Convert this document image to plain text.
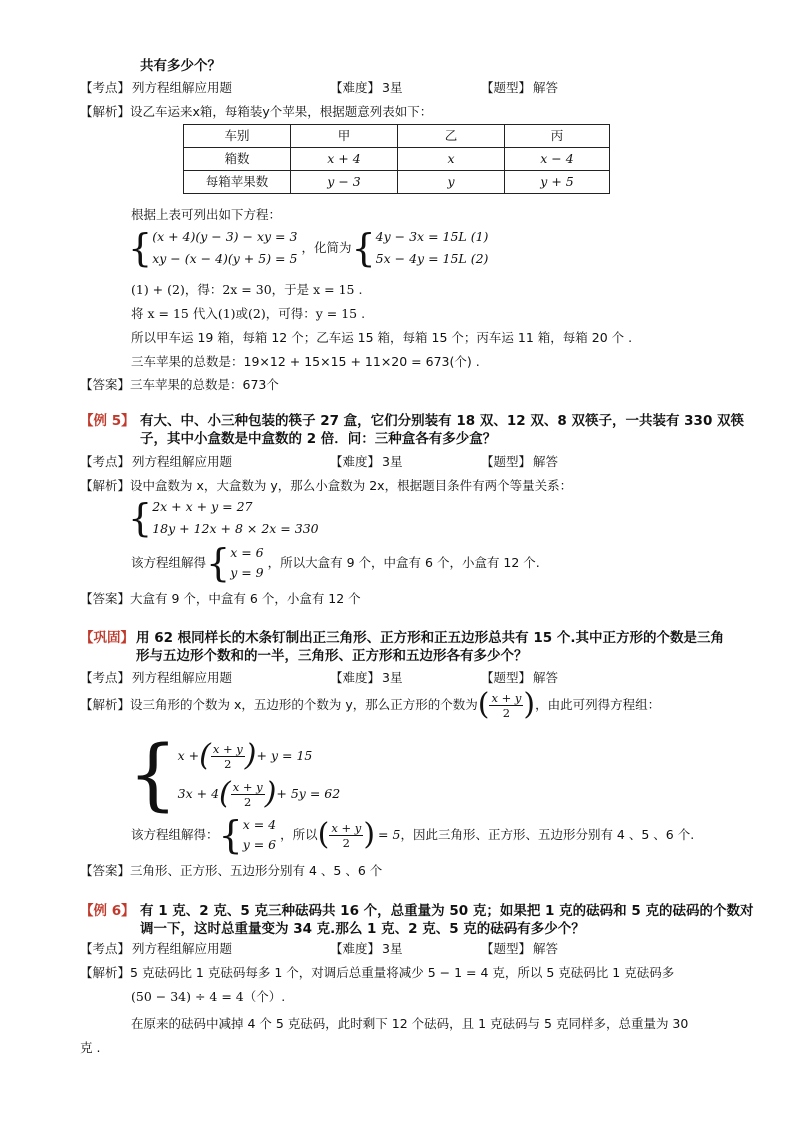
共有多少个？
【考点】 列方程组解应用题	【难度】 3星	【题型】 解答
【解析】设乙车运来x箱，每箱装y个苹果，根据题意列表如下：
车别	甲	乙	丙
箱数	x + 4	x	x − 4
每箱苹果数	y − 3	y	y + 5
根据上表可列出如下方程：
{ (x + 4)(y − 3) − xy = 3
xy − (x − 4)(y + 5) = 5
，化简为 { 4y − 3x = 15L (1)
5x − 4y = 15L (2)
(1) + (2)，得：2x = 30，于是 x = 15 .
将 x = 15 代入(1)或(2)，可得：y = 15 .
所以甲车运 19 箱，每箱 12 个；乙车运 15 箱，每箱 15 个；丙车运 11 箱，每箱 20 个 .
三车苹果的总数是：19×12 + 15×15 + 11×20 = 673(个) .
【答案】三车苹果的总数是：673个
【例 5】 有大、中、小三种包装的筷子 27 盒，它们分别装有 18 双、12 双、8 双筷子，一共装有 330 双筷
子，其中小盒数是中盒数的 2 倍．问：三种盒各有多少盒？
【考点】 列方程组解应用题	【难度】 3星	【题型】 解答
【解析】设中盒数为 x，大盒数为 y，那么小盒数为 2x，根据题目条件有两个等量关系：
{ 2x + x + y = 27
18y + 12x + 8 × 2x = 330
该方程组解得 { x = 6
y = 9
，所以大盒有 9 个，中盒有 6 个，小盒有 12 个.
【答案】大盒有 9 个，中盒有 6 个，小盒有 12 个
【巩固】 用 62 根同样长的木条钉制出正三角形、正方形和正五边形总共有 15 个.其中正方形的个数是三角
形与五边形个数和的一半，三角形、正方形和五边形各有多少个？
【考点】 列方程组解应用题	【难度】 3星	【题型】 解答
【解析】 设三角形的个数为 x，五边形的个数为 y，那么正方形的个数为 ( $\frac{x + y}{2}$ ) ，由此可列得方程组：
{ x + ( $\frac{x + y}{2}$ ) + y = 15
3x + 4 ( $\frac{x + y}{2}$ ) + 5y = 62
该方程组解得： { x = 4
y = 6
，所以 ( $\frac{x + y}{2}$ ) = 5 ，因此三角形、正方形、五边形分别有 4 、5 、6 个.
【答案】三角形、正方形、五边形分别有 4 、5 、6 个
【例 6】 有 1 克、2 克、5 克三种砝码共 16 个，总重量为 50 克；如果把 1 克的砝码和 5 克的砝码的个数对
调一下，这时总重量变为 34 克.那么 1 克、2 克、5 克的砝码有多少个？
【考点】 列方程组解应用题	【难度】 3星	【题型】 解答
【解析】5 克砝码比 1 克砝码每多 1 个，对调后总重量将减少 5 − 1 = 4 克，所以 5 克砝码比 1 克砝码多
(50 − 34) ÷ 4 = 4（个）.
在原来的砝码中减掉 4 个 5 克砝码，此时剩下 12 个砝码，且 1 克砝码与 5 克同样多，总重量为 30
克 .
